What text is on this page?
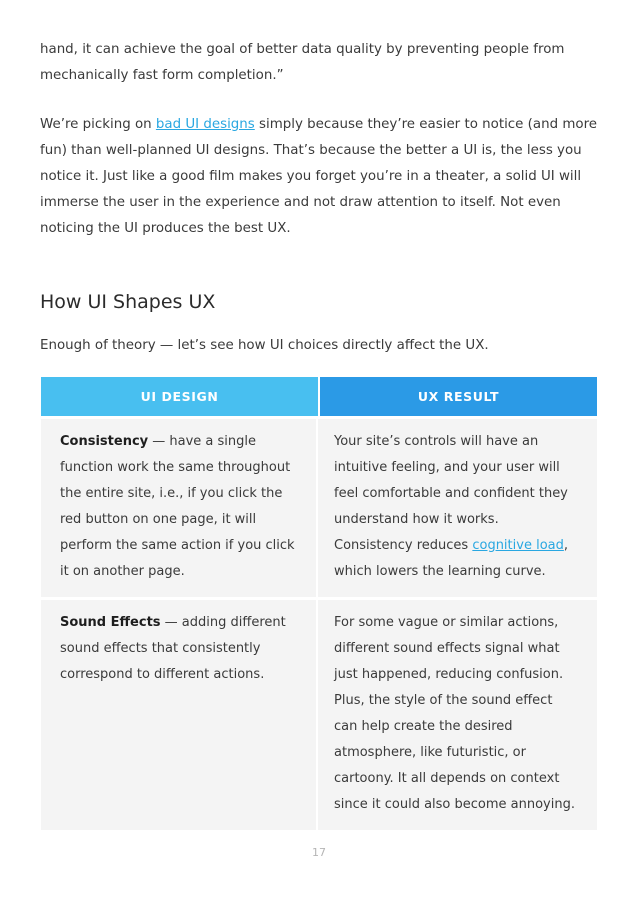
hand, it can achieve the goal of better data quality by preventing people from mechanically fast form completion.”

We’re picking on bad UI designs simply because they’re easier to notice (and more fun) than well-planned UI designs. That’s because the better a UI is, the less you notice it. Just like a good film makes you forget you’re in a theater, a solid UI will immerse the user in the experience and not draw attention to itself. Not even noticing the UI produces the best UX.

How UI Shapes UX

Enough of theory — let’s see how UI choices directly affect the UX.

UI DESIGN	UX RESULT
Consistency — have a single function work the same throughout the entire site, i.e., if you click the red button on one page, it will perform the same action if you click it on another page.
Your site’s controls will have an intuitive feeling, and your user will feel comfortable and confident they understand how it works. Consistency reduces cognitive load, which lowers the learning curve.
Sound Effects — adding different sound effects that consistently correspond to different actions.
For some vague or similar actions, different sound effects signal what just happened, reducing confusion. Plus, the style of the sound effect can help create the desired atmosphere, like futuristic, or cartoony. It all depends on context since it could also become annoying.
17
